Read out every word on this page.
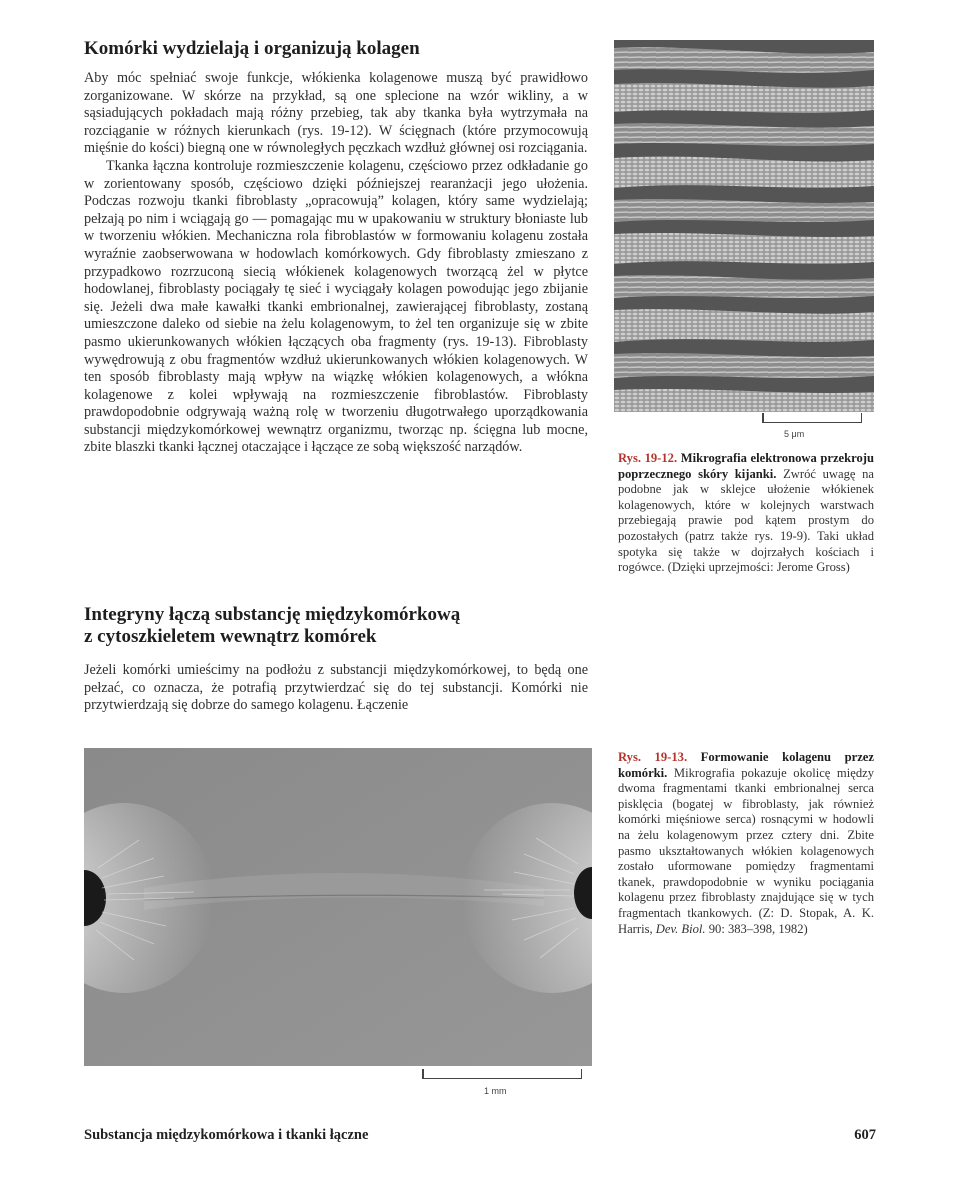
Komórki wydzielają i organizują kolagen

Aby móc spełniać swoje funkcje, włókienka kolagenowe muszą być prawidłowo zorganizowane. W skórze na przykład, są one splecione na wzór wikliny, a w sąsiadujących pokładach mają różny przebieg, tak aby tkanka była wytrzymała na rozciąganie w różnych kierunkach (rys. 19-12). W ścięgnach (które przymocowują mięśnie do kości) biegną one w równoległych pęczkach wzdłuż głównej osi rozciągania.

Tkanka łączna kontroluje rozmieszczenie kolagenu, częściowo przez odkładanie go w zorientowany sposób, częściowo dzięki późniejszej rearanżacji jego ułożenia. Podczas rozwoju tkanki fibroblasty „opracowują” kolagen, który same wydzielają; pełzają po nim i wciągają go — pomagając mu w upakowaniu w struktury błoniaste lub w tworzeniu włókien. Mechaniczna rola fibroblastów w formowaniu kolagenu została wyraźnie zaobserwowana w hodowlach komórkowych. Gdy fibroblasty zmieszano z przypadkowo rozrzuconą siecią włókienek kolagenowych tworzącą żel w płytce hodowlanej, fibroblasty pociągały tę sieć i wyciągały kolagen powodując jego zbijanie się. Jeżeli dwa małe kawałki tkanki embrionalnej, zawierającej fibroblasty, zostaną umieszczone daleko od siebie na żelu kolagenowym, to żel ten organizuje się w zbite pasmo ukierunkowanych włókien łączących oba fragmenty (rys. 19-13). Fibroblasty wywędrowują z obu fragmentów wzdłuż ukierunkowanych włókien kolagenowych. W ten sposób fibroblasty mają wpływ na wiązkę włókien kolagenowych, a włókna kolagenowe z kolei wpływają na rozmieszczenie fibroblastów. Fibroblasty prawdopodobnie odgrywają ważną rolę w tworzeniu długotrwałego uporządkowania substancji międzykomórkowej wewnątrz organizmu, tworząc np. ścięgna lub mocne, zbite blaszki tkanki łącznej otaczające i łączące ze sobą większość narządów.

Integryny łączą substancję międzykomórkową
z cytoszkieletem wewnątrz komórek

Jeżeli komórki umieścimy na podłożu z substancji międzykomórkowej, to będą one pełzać, co oznacza, że potrafią przytwierdzać się do tej substancji. Komórki nie przytwierdzają się dobrze do samego kolagenu. Łączenie

5 μm
Rys. 19-12. Mikrografia elektronowa przekroju poprzecznego skóry kijanki. Zwróć uwagę na podobne jak w sklejce ułożenie włókienek kolagenowych, które w kolejnych warstwach przebiegają prawie pod kątem prostym do pozostałych (patrz także rys. 19-9). Taki układ spotyka się także w dojrzałych kościach i rogówce. (Dzięki uprzejmości: Jerome Gross)
1 mm
Rys. 19-13. Formowanie kolagenu przez komórki. Mikrografia pokazuje okolicę między dwoma fragmentami tkanki embrionalnej serca pisklęcia (bogatej w fibroblasty, jak również komórki mięśniowe serca) rosnącymi w hodowli na żelu kolagenowym przez cztery dni. Zbite pasmo ukształtowanych włókien kolagenowych zostało uformowane pomiędzy fragmentami tkanek, prawdopodobnie w wyniku pociągania kolagenu przez fibroblasty znajdujące się w tych fragmentach tkankowych. (Z: D. Stopak, A. K. Harris, Dev. Biol. 90: 383–398, 1982)
Substancja międzykomórkowa i tkanki łączne	607
